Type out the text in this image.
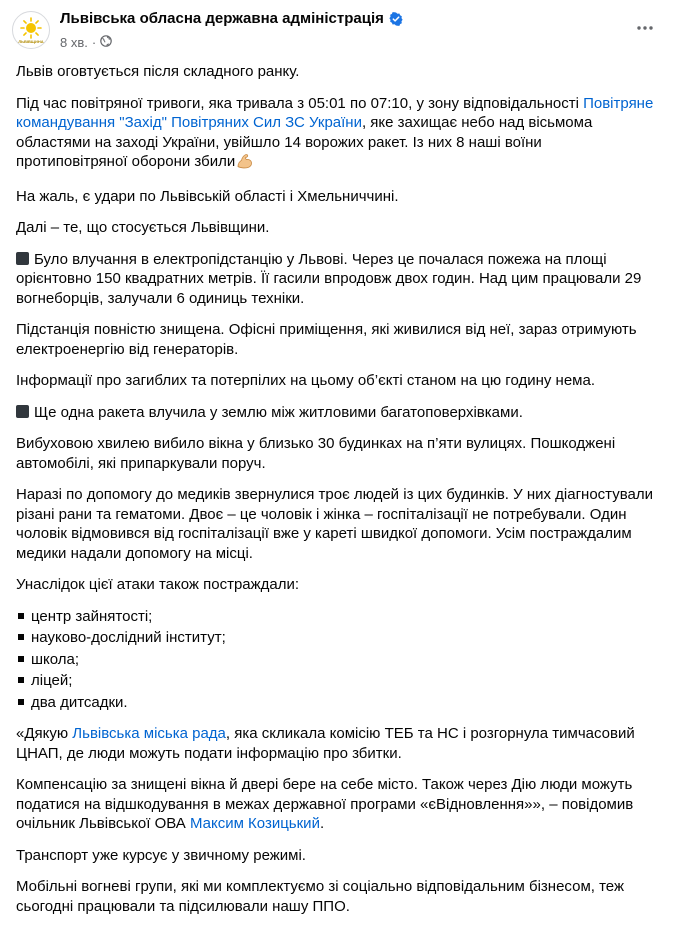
ЛЬВІВЩИНА
Львівська обласна державна адміністрація
8 хв. ·

Львів оговтується після складного ранку.

Під час повітряної тривоги, яка тривала з 05:01 по 07:10, у зону відповідальності Повітряне командування "Захід" Повітряних Сил ЗС України, яке захищає небо над вісьмома областями на заході України, увійшло 14 ворожих ракет. Із них 8 наші воїни протиповітряної оборони збили

На жаль, є удари по Львівській області і Хмельниччині.

Далі – те, що стосується Львівщини.

Було влучання в електропідстанцію у Львові. Через це почалася пожежа на площі орієнтовно 150 квадратних метрів. Її гасили впродовж двох годин. Над цим працювали 29 вогнеборців, залучали 6 одиниць техніки.

Підстанція повністю знищена. Офісні приміщення, які живилися від неї, зараз отримують електроенергію від генераторів.

Інформації про загиблих та потерпілих на цьому об’єкті станом на цю годину нема.

Ще одна ракета влучила у землю між житловими багатоповерхівками.

Вибуховою хвилею вибило вікна у близько 30 будинках на п’яти вулицях. Пошкоджені автомобілі, які припаркували поруч.

Наразі по допомогу до медиків звернулися троє людей із цих будинків. У них діагностували різані рани та гематоми. Двоє – це чоловік і жінка – госпіталізації не потребували. Один чоловік відмовився від госпіталізації вже у кареті швидкої допомоги. Усім постраждалим медики надали допомогу на місці.

Унаслідок цієї атаки також постраждали:

центр зайнятості;
науково-дослідний інститут;
школа;
ліцей;
два дитсадки.

«Дякую Львівська міська рада, яка скликала комісію ТЕБ та НС і розгорнула тимчасовий ЦНАП, де люди можуть подати інформацію про збитки.

Компенсацію за знищені вікна й двері бере на себе місто. Також через Дію люди можуть податися на відшкодування в межах державної програми «єВідновлення»», – повідомив очільник Львівської ОВА Максим Козицький.

Транспорт уже курсує у звичному режимі.

Мобільні вогневі групи, які ми комплектуємо зі соціально відповідальним бізнесом, теж сьогодні працювали та підсилювали нашу ППО.
